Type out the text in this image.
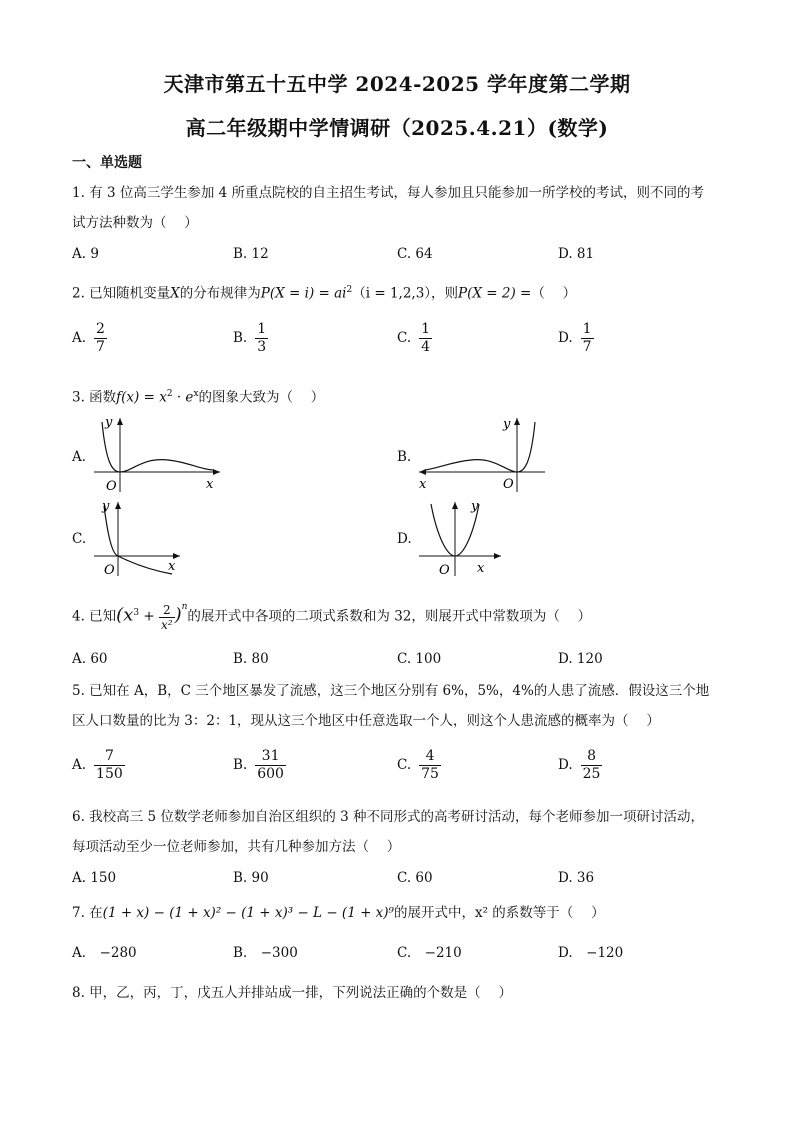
天津市第五十五中学 2024-2025 学年度第二学期
高二年级期中学情调研（2025.4.21）(数学)
一、单选题
1. 有 3 位高三学生参加 4 所重点院校的自主招生考试，每人参加且只能参加一所学校的考试，则不同的考
试方法种数为（　 ）
A. 9	B. 12	C. 64	D. 81
2. 已知随机变量X的分布规律为$P(X = i) = ai^2(i = 1,2,3)$，则P(X = 2) =（　 ）
A. $\frac{2}{7}$	B. $\frac{1}{3}$	C. $\frac{1}{4}$	D. $\frac{1}{7}$
3. 函数$f(x) = x^2 \cdot e^x$的图象大致为（　 ）
A.
O	x
y
B.
O
x
y
C.
O	x
y
D.
O x
y
4. 已知$(x^3 + \frac{2}{\text{x²}} )^n$的展开式中各项的二项式系数和为 32，则展开式中常数项为（　 ）
A. 60	B. 80	C. 100	D. 120
5. 已知在 A，B，C 三个地区暴发了流感，这三个地区分别有 6%，5%，4%的人患了流感．假设这三个地
区人口数量的比为 3：2：1，现从这三个地区中任意选取一个人，则这个人患流感的概率为（　 ）
A. $\frac{7}{150}$	B. $\frac{31}{600}$	C. $\frac{4}{75}$	D. $\frac{8}{25}$
6. 我校高三 5 位数学老师参加自治区组织的 3 种不同形式的高考研讨活动，每个老师参加一项研讨活动，
每项活动至少一位老师参加，共有几种参加方法（　 ）
A. 150	B. 90	C. 60	D. 36
7. 在(1 + x) − (1 + x)² − (1 + x)³ − L − (1 + x)⁹的展开式中，x² 的系数等于（　 ）
A.　−280	B.　−300	C.　−210	D.　−120
8. 甲，乙，丙，丁，戊五人并排站成一排，下列说法正确的个数是（　 ）
